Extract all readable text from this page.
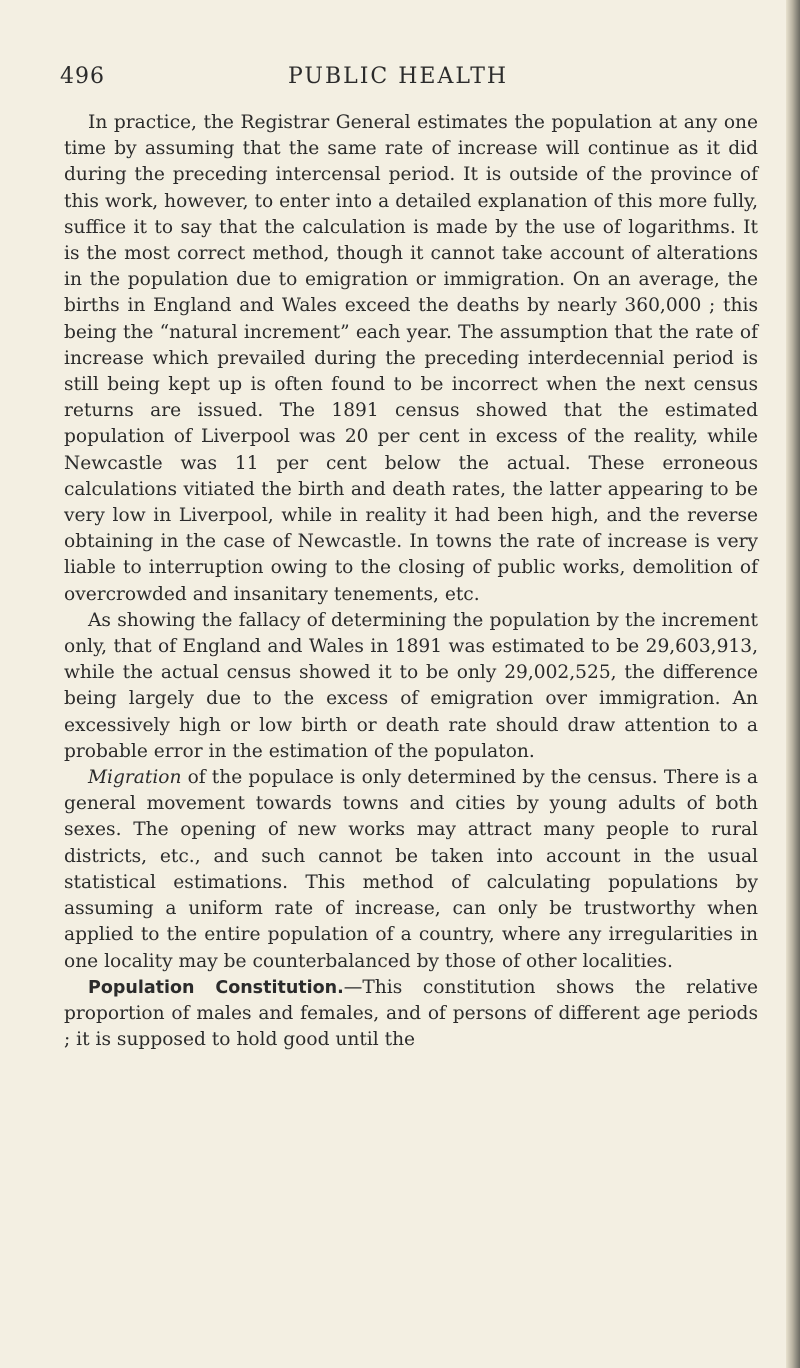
496	PUBLIC HEALTH

In practice, the Registrar General estimates the population at any one time by assuming that the same rate of increase will continue as it did during the preceding intercensal period. It is outside of the province of this work, however, to enter into a detailed explanation of this more fully, suffice it to say that the calculation is made by the use of logarithms. It is the most correct method, though it cannot take account of alterations in the population due to emigration or immigration. On an average, the births in England and Wales exceed the deaths by nearly 360,000 ; this being the “natural increment” each year. The assumption that the rate of increase which prevailed during the preceding interdecennial period is still being kept up is often found to be incorrect when the next census returns are issued. The 1891 census showed that the estimated population of Liverpool was 20 per cent in excess of the reality, while Newcastle was 11 per cent below the actual. These erroneous calculations vitiated the birth and death rates, the latter appearing to be very low in Liverpool, while in reality it had been high, and the reverse obtaining in the case of Newcastle. In towns the rate of increase is very liable to interruption owing to the closing of public works, demolition of overcrowded and insanitary tenements, etc.

As showing the fallacy of determining the population by the increment only, that of England and Wales in 1891 was estimated to be 29,603,913, while the actual census showed it to be only 29,002,525, the difference being largely due to the excess of emigration over immigration. An excessively high or low birth or death rate should draw attention to a probable error in the estimation of the populaton.

Migration of the populace is only determined by the census. There is a general movement towards towns and cities by young adults of both sexes. The opening of new works may attract many people to rural districts, etc., and such cannot be taken into account in the usual statistical estimations. This method of calculating populations by assuming a uniform rate of increase, can only be trustworthy when applied to the entire population of a country, where any irregularities in one locality may be counterbalanced by those of other localities.

Population Constitution.—This constitution shows the relative proportion of males and females, and of persons of different age periods ; it is supposed to hold good until the
